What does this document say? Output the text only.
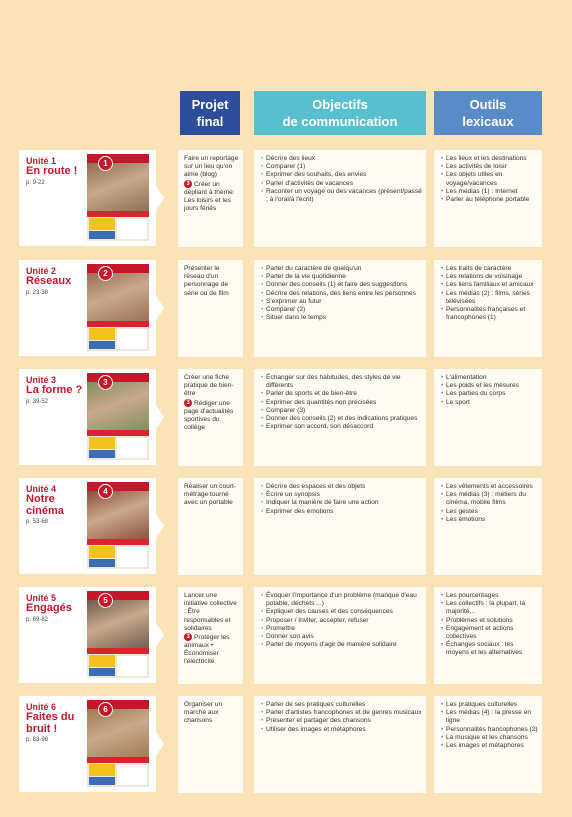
Projet
final
Objectifs
de communication
Outils
lexicaux
Unité 1
En route !
p. 9-22
1
Faire un reportage sur un lieu qu'on aime (blog)
3 Créer un dépliant à thème: Les loisirs et les jours fériés
• Décrire des lieux
• Comparer (1)
• Exprimer des souhaits, des envies
• Parler d'activités de vacances
• Raconter un voyage ou des vacances (présent/passé ; à l'oral/à l'écrit)
• Les lieux et les destinations
• Les activités de loisir
• Les objets utiles en voyage/vacances
• Les médias (1) : Internet
• Parler au téléphone portable
Unité 2
Réseaux
p. 23-38
2
Présenter le réseau d'un personnage de série ou de film
• Parler du caractère de quelqu'un
• Parler de la vie quotidienne
• Donner des conseils (1) et faire des suggestions
• Décrire des relations, des liens entre les personnes
• S'exprimer au futur
• Comparer (2)
• Situer dans le temps
• Les traits de caractère
• Les relations de voisinage
• Les liens familiaux et amicaux
• Les médias (2) : films, séries télévisées
• Personnalités françaises et francophones (1)
Unité 3
La forme ?
p. 39-52
3
Créer une fiche pratique de bien-être
3 Rédiger une page d'actualités sportives du collège
• Échanger sur des habitudes, des styles de vie différents
• Parler de sports et de bien-être
• Exprimer des quantités non précisées
• Comparer (3)
• Donner des conseils (2) et des indications pratiques
• Exprimer son accord, son désaccord
• L'alimentation
• Les poids et les mesures
• Les parties du corps
• Le sport
Unité 4
Notre cinéma
p. 53-68
4
Réaliser un court-métrage tourné avec un portable
• Décrire des espaces et des objets
• Écrire un synopsis
• Indiquer la manière de faire une action
• Exprimer des émotions
• Les vêtements et accessoires
• Les médias (3) : métiers du cinéma, mobile films
• Les gestes
• Les émotions
Unité 5
Engagés
p. 69-82
5
Lancer une initiative collective : Être responsables et solidaires
3 Protéger les animaux • Économiser l'électricité
• Évoquer l'importance d'un problème (manque d'eau potable, déchets ...)
• Expliquer des causes et des conséquences
• Proposer / Inviter, accepter, refuser
• Promettre
• Donner son avis
• Parler de moyens d'agir de manière solidaire
• Les pourcentages
• Les collectifs : la plupart, la majorité...
• Problèmes et solutions
• Engagement et actions collectives
• Échanges sociaux : les moyens et les alternatives
Unité 6
Faites du bruit !
p. 83-98
6
Organiser un marché aux chansons
• Parler de ses pratiques culturelles
• Parler d'artistes francophones et de genres musicaux
• Présenter et partager des chansons
• Utiliser des images et métaphores
• Les pratiques culturelles
• Les médias (4) : la presse en ligne
• Personnalités francophones (2)
• La musique et les chansons
• Les images et métaphores
